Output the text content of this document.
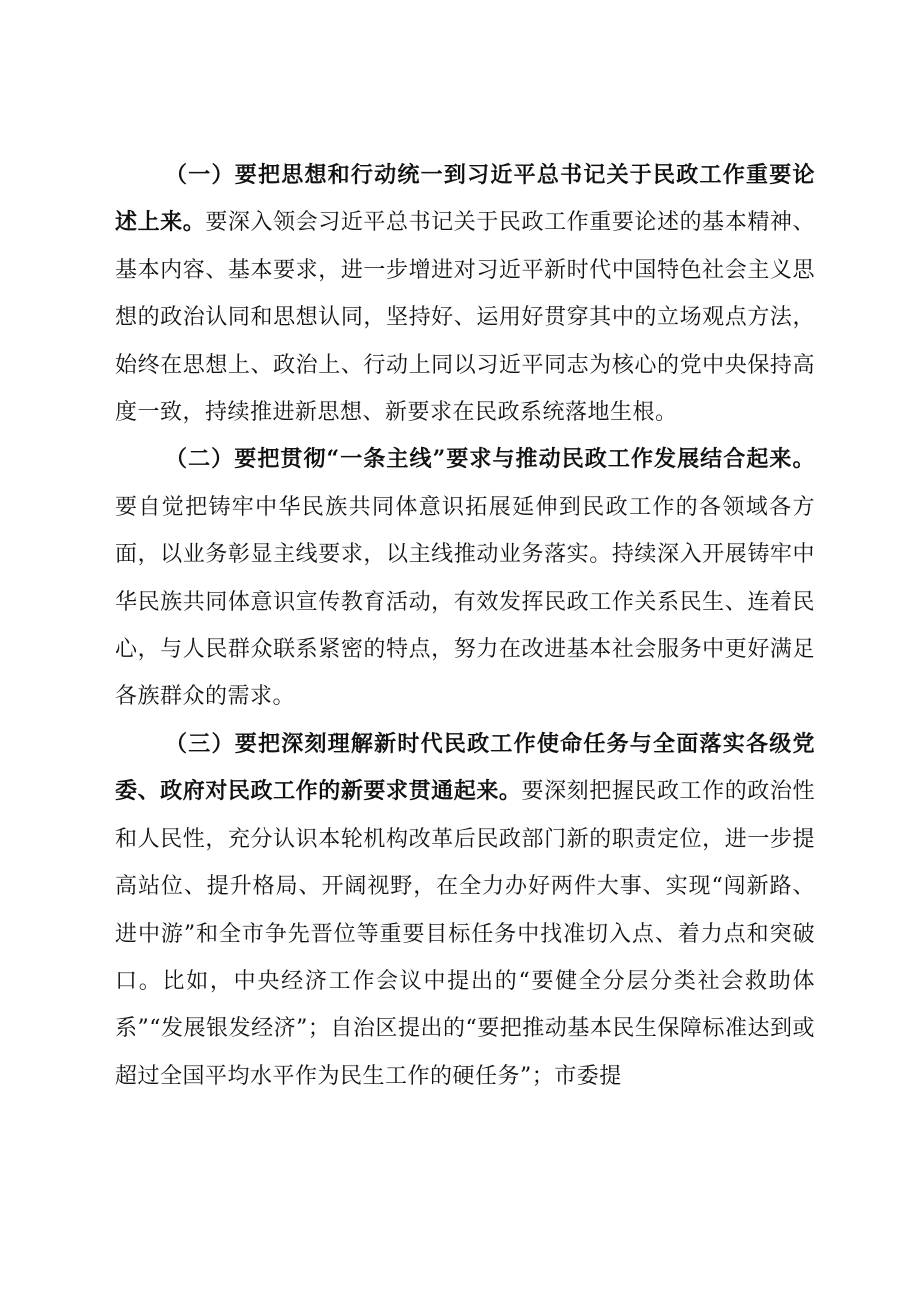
（一）要把思想和行动统一到习近平总书记关于民政工作重要论述上来。要深入领会习近平总书记关于民政工作重要论述的基本精神、基本内容、基本要求，进一步增进对习近平新时代中国特色社会主义思想的政治认同和思想认同，坚持好、运用好贯穿其中的立场观点方法，始终在思想上、政治上、行动上同以习近平同志为核心的党中央保持高度一致，持续推进新思想、新要求在民政系统落地生根。

（二）要把贯彻“一条主线”要求与推动民政工作发展结合起来。要自觉把铸牢中华民族共同体意识拓展延伸到民政工作的各领域各方面，以业务彰显主线要求，以主线推动业务落实。持续深入开展铸牢中华民族共同体意识宣传教育活动，有效发挥民政工作关系民生、连着民心，与人民群众联系紧密的特点，努力在改进基本社会服务中更好满足各族群众的需求。

（三）要把深刻理解新时代民政工作使命任务与全面落实各级党委、政府对民政工作的新要求贯通起来。要深刻把握民政工作的政治性和人民性，充分认识本轮机构改革后民政部门新的职责定位，进一步提高站位、提升格局、开阔视野，在全力办好两件大事、实现“闯新路、进中游”和全市争先晋位等重要目标任务中找准切入点、着力点和突破口。比如，中央经济工作会议中提出的“要健全分层分类社会救助体系”“发展银发经济”；自治区提出的“要把推动基本民生保障标准达到或超过全国平均水平作为民生工作的硬任务”；市委提
